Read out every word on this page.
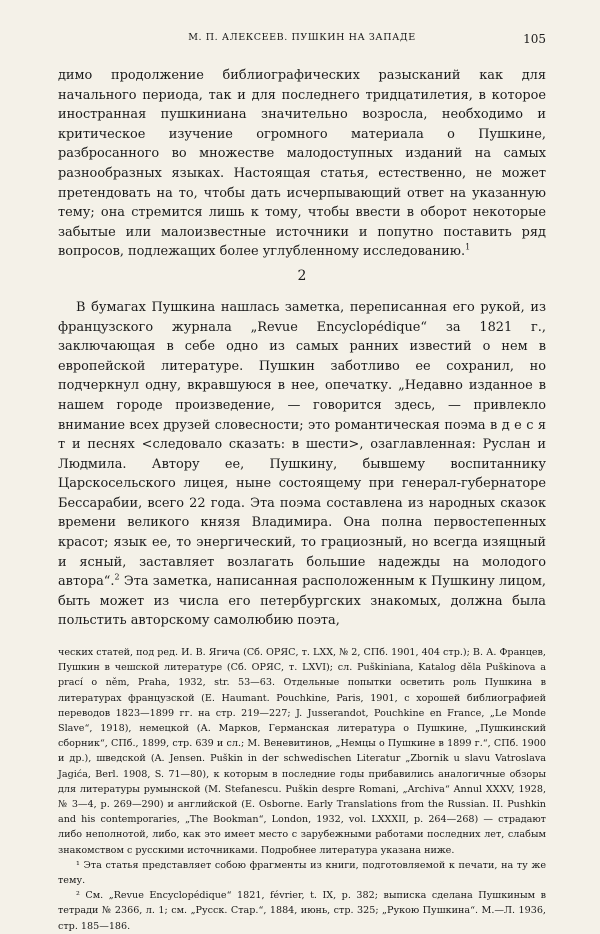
М. П. АЛЕКСЕЕВ. ПУШКИН НА ЗАПАДЕ	105

димо продолжение библиографических разысканий как для начального периода, так и для последнего тридцатилетия, в которое иностранная пушкиниана значительно возросла, необходимо и критическое изучение огромного материала о Пушкине, разбросанного во множестве малодоступных изданий на самых разнообразных языках. Настоящая статья, естественно, не может претендовать на то, чтобы дать исчерпывающий ответ на указанную тему; она стремится лишь к тому, чтобы ввести в оборот некоторые забытые или малоизвестные источники и попутно поставить ряд вопросов, подлежащих более углубленному исследованию.$^1$

2

В бумагах Пушкина нашлась заметка, переписанная его рукой, из французского журнала „Revue Encyclopédique“ за 1821 г., заключающая в себе одно из самых ранних известий о нем в европейской литературе. Пушкин заботливо ее сохранил, но подчеркнул одну, вкравшуюся в нее, опечатку. „Недавно изданное в нашем городе произведение, — говорится здесь, — привлекло внимание всех друзей словесности; это романтическая поэма в д е с я т и песнях <следовало сказать: в шести>, озаглавленная: Руслан и Людмила. Автору ее, Пушкину, бывшему воспитаннику Царскосельского лицея, ныне состоящему при генерал-губернаторе Бессарабии, всего 22 года. Эта поэма составлена из народных сказок времени великого князя Владимира. Она полна первостепенных красот; язык ее, то энергический, то грациозный, но всегда изящный и ясный, заставляет возлагать большие надежды на молодого автора“.$^2$ Эта заметка, написанная расположенным к Пушкину лицом, быть может из числа его петербургских знакомых, должна была польстить авторскому самолюбию поэта,

ческих статей, под ред. И. В. Ягича (Сб. ОРЯС, т. LXX, № 2, СПб. 1901, 404 стр.); В. А. Францев, Пушкин в чешской литературе (Сб. ОРЯС, т. LXVI); сл. Puškiniana, Katalog děla Puškinova a prací o něm, Praha, 1932, str. 53—63. Отдельные попытки осветить роль Пушкина в литературах французской (E. Haumant. Pouchkine, Paris, 1901, с хорошей библиографией переводов 1823—1899 гг. на стр. 219—227; J. Jusserandot, Pouchkine en France, „Le Monde Slave“, 1918), немецкой (А. Марков, Германская литература о Пушкине, „Пушкинский сборник“, СПб., 1899, стр. 639 и сл.; М. Веневитинов, „Немцы о Пушкине в 1899 г.“, СПб. 1900 и др.), шведской (A. Jensen. Puškin in der schwedischen Literatur „Zbornik u slavu Vatroslava Jagića, Berl. 1908, S. 71—80), к которым в последние годы прибавились аналогичные обзоры для литературы румынской (M. Stefanescu. Puškin despre Romani, „Archiva“ Annul XXXV, 1928, № 3—4, p. 269—290) и английской (E. Osborne. Early Translations from the Russian. II. Pushkin and his contemporaries, „The Bookman“, London, 1932, vol. LXXXII, p. 264—268) — страдают либо неполнотой, либо, как это имеет место с зарубежными работами последних лет, слабым знакомством с русскими источниками. Подробнее литература указана ниже.

¹ Эта статья представляет собою фрагменты из книги, подготовляемой к печати, на ту же тему.

² См. „Revue Encyclopédique“ 1821, février, t. IX, p. 382; выписка сделана Пушкиным в тетради № 2366, л. 1; см. „Русск. Стар.“, 1884, июнь, стр. 325; „Рукою Пушкина“. М.—Л. 1936, стр. 185—186.
